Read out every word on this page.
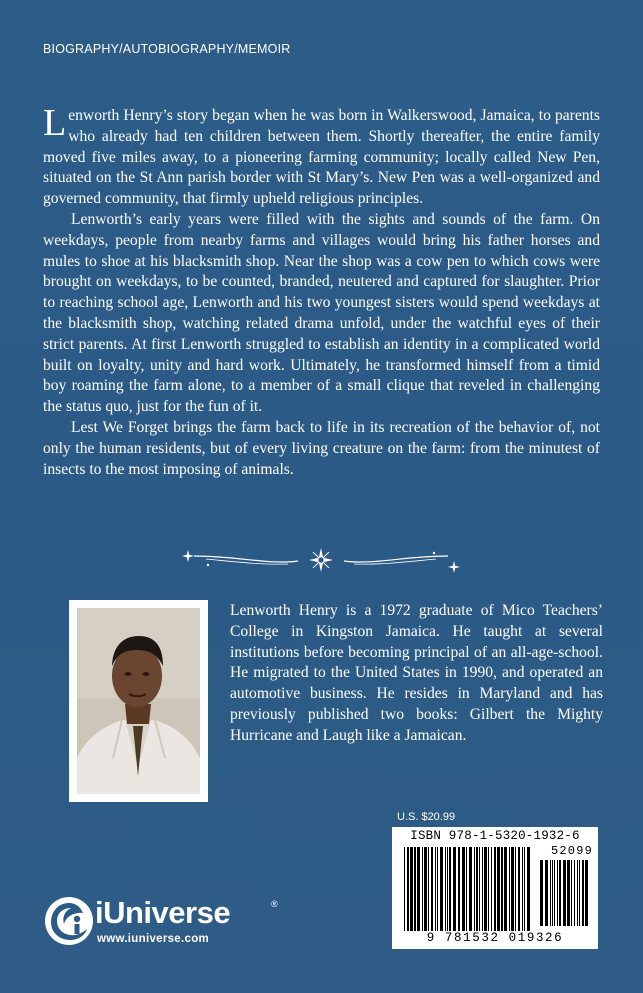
BIOGRAPHY/AUTOBIOGRAPHY/MEMOIR

Lenworth Henry’s story began when he was born in Walkerswood, Jamaica, to parents who already had ten children between them. Shortly thereafter, the entire family moved five miles away, to a pioneering farming community; locally called New Pen, situated on the St Ann parish border with St Mary’s. New Pen was a well-organized and governed community, that firmly upheld religious principles.

Lenworth’s early years were filled with the sights and sounds of the farm. On weekdays, people from nearby farms and villages would bring his father horses and mules to shoe at his blacksmith shop. Near the shop was a cow pen to which cows were brought on weekdays, to be counted, branded, neutered and captured for slaughter. Prior to reaching school age, Lenworth and his two youngest sisters would spend weekdays at the blacksmith shop, watching related drama unfold, under the watchful eyes of their strict parents. At first Lenworth struggled to establish an identity in a complicated world built on loyalty, unity and hard work. Ultimately, he transformed himself from a timid boy roaming the farm alone, to a member of a small clique that reveled in challenging the status quo, just for the fun of it.

Lest We Forget brings the farm back to life in its recreation of the behavior of, not only the human residents, but of every living creature on the farm: from the minutest of insects to the most imposing of animals.

Lenworth Henry is a 1972 graduate of Mico Teachers’ College in Kingston Jamaica. He taught at several institutions before becoming principal of an all-age-school. He migrated to the United States in 1990, and operated an automotive business. He resides in Maryland and has previously published two books: Gilbert the Mighty Hurricane and Laugh like a Jamaican.
U.S. $20.99
ISBN 978-1-5320-1932-6
52099
9 781532 019326
iUniverse	®
www.iuniverse.com
